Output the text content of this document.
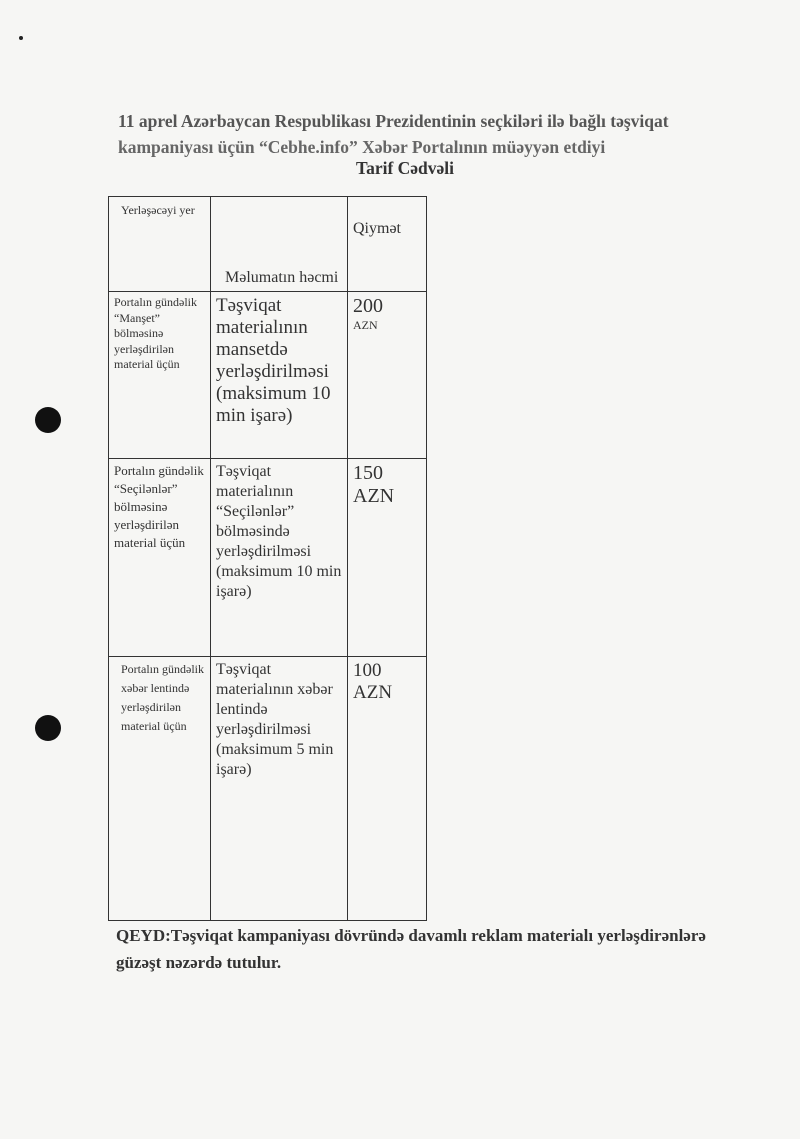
11 aprel Azərbaycan Respublikası Prezidentinin seçkiləri ilə bağlı təşviqat
kampaniyası üçün “Cebhe.info” Xəbər Portalının müəyyən etdiyi
Tarif Cədvəli
Yerləşəcəyi yer	Məlumatın həcmi	Qiymət
Portalın gündəlik “Manşet” bölməsinə yerləşdirilən material üçün	Təşviqat materialının mansetdə yerləşdirilməsi (maksimum 10 min işarə)	200
AZN

Portalın gündəlik “Seçilənlər” bölməsinə yerləşdirilən material üçün	Təşviqat materialının “Seçilənlər” bölməsində yerləşdirilməsi (maksimum 10 min işarə)	150
AZN

Portalın gündəlik xəbər lentində yerləşdirilən material üçün	Təşviqat materialının xəbər lentində yerləşdirilməsi (maksimum 5 min işarə)	100
AZN
QEYD:Təşviqat kampaniyası dövründə davamlı reklam materialı yerləşdirənlərə güzəşt nəzərdə tutulur.
